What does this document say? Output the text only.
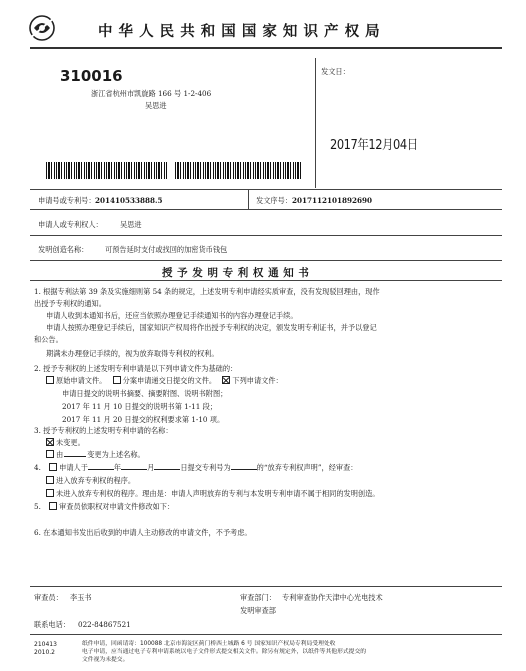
中 华 人 民 共 和 国 国 家 知 识 产 权 局
310016
浙江省杭州市凯旋路 166 号 1-2-406
吴思进
发文日：
2017年12月04日
申请号或专利号： 201410533888.5	发文序号： 2017112101892690
申请人或专利权人： 吴思进
发明创造名称： 可预告延时支付或找回的加密货币钱包
授 予 发 明 专 利 权 通 知 书
1. 根据专利法第 39 条及实施细则第 54 条的规定，上述发明专利申请经实质审查，没有发现驳回理由，现作
出授予专利权的通知。
申请人收到本通知书后，还应当依照办理登记手续通知书的内容办理登记手续。
申请人按照办理登记手续后，国家知识产权局将作出授予专利权的决定，颁发发明专利证书，并予以登记
和公告。
期满未办理登记手续的，视为放弃取得专利权的权利。
2. 授予专利权的上述发明专利申请是以下列申请文件为基础的：
原始申请文件。 分案申请递交日提交的文件。 下列申请文件：
申请日提交的说明书摘要、摘要附图、说明书附图；
2017 年 11 月 10 日提交的说明书第 1-11 段；
2017 年 11 月 20 日提交的权利要求第 1-10 项。
3. 授予专利权的上述发明专利申请的名称：
未变更。
由	变更为上述名称。
4.	申请人于	年	月	日提交专利号为	的“放弃专利权声明”，经审查：
进入放弃专利权的程序。
未进入放弃专利权的程序。理由是：申请人声明放弃的专利与本发明专利申请不属于相同的发明创造。
5.	审查员依职权对申请文件修改如下：
6. 在本通知书发出后收到的申请人主动修改的申请文件，不予考虑。
审查员： 李玉书	审查部门： 专利审查协作天津中心光电技术
发明审查部
联系电话： 022-84867521
210413
2010.2
纸件申请，回函请寄：100088 北京市海淀区蓟门桥西土城路 6 号 国家知识产权局专利局受理处收
电子申请，应当通过电子专利申请系统以电子文件形式提交相关文件。除另有规定外，以纸件等其他形式提交的
文件视为未提交。
